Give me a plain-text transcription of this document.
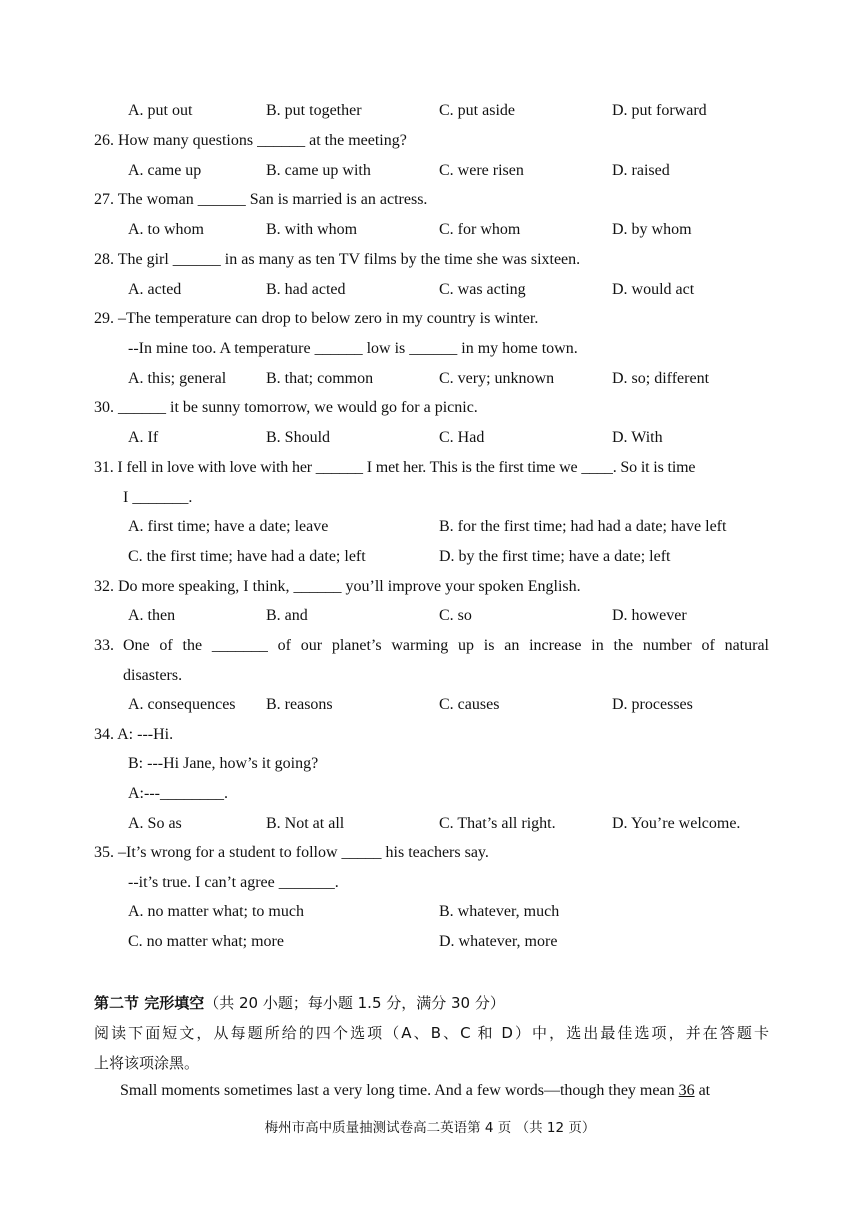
A. put out	B. put together	C. put aside	D. put forward
26. How many questions ______ at the meeting?
A. came up	B. came up with	C. were risen	D. raised
27. The woman ______ San is married is an actress.
A. to whom	B. with whom	C. for whom	D. by whom
28. The girl ______ in as many as ten TV films by the time she was sixteen.
A. acted	B. had acted	C. was acting	D. would act
29. –The temperature can drop to below zero in my country is winter.
--In mine too. A temperature ______ low is ______ in my home town.
A. this; general B. that; common	C. very; unknown	D. so; different
30. ______ it be sunny tomorrow, we would go for a picnic.
A. If	B. Should	C. Had	D. With
31. I fell in love with love with her ______ I met her. This is the first time we ____. So it is time
I _______.
A. first time; have a date; leave	B. for the first time; had had a date; have left
C. the first time; have had a date; left	D. by the first time; have a date; left
32. Do more speaking, I think, ______ you’ll improve your spoken English.
A. then	B. and	C. so	D. however
33. One of the _______ of our planet’s warming up is an increase in the number of natural
disasters.
A. consequences B. reasons	C. causes	D. processes
34. A: ---Hi.
B: ---Hi Jane, how’s it going?
A:---________.
A. So as	B. Not at all	C. That’s all right.	D. You’re welcome.
35. –It’s wrong for a student to follow _____ his teachers say.
--it’s true. I can’t agree _______.
A. no matter what; to much	B. whatever, much
C. no matter what; more	D. whatever, more
第二节 完形填空（共 20 小题；每小题 1.5 分，满分 30 分）
阅读下面短文，从每题所给的四个选项（A、B、C 和 D）中，选出最佳选项，并在答题卡
上将该项涂黑。
Small moments sometimes last a very long time. And a few words—though they mean 36 at
梅州市高中质量抽测试卷高二英语第 4 页 （共 12 页）
